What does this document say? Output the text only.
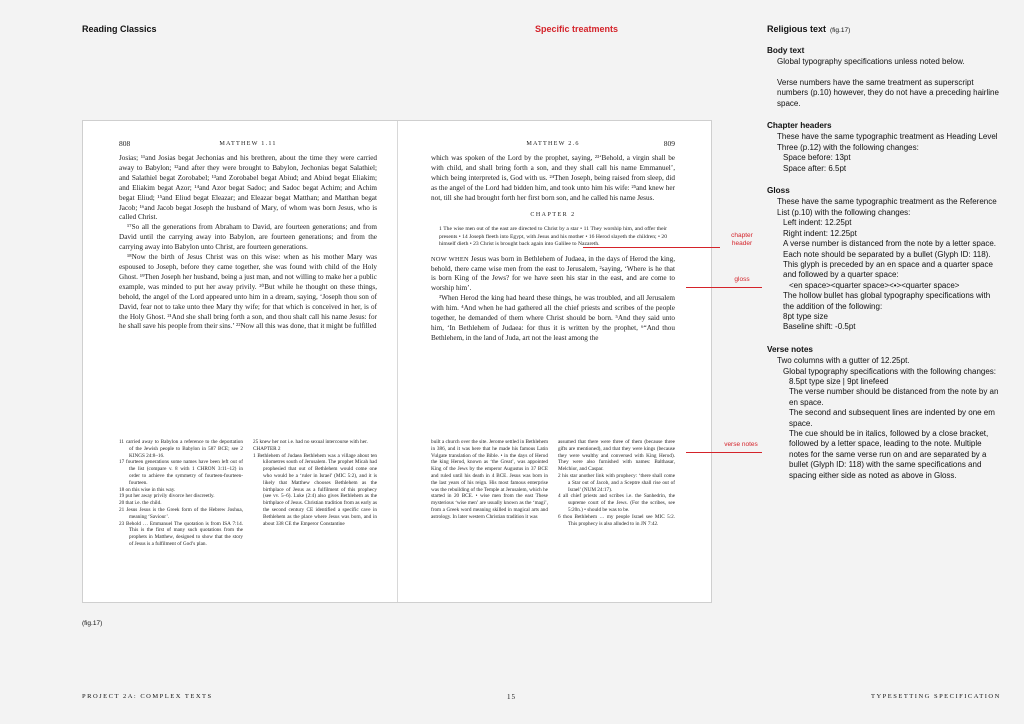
Reading Classics	Specific treatments	Religious text (fig.17)
808	MATTHEW 1.11

Josias; ¹¹and Josias begat Jechonias and his brethren, about the time they were carried away to Babylon; ¹²and after they were brought to Babylon, Jechonias begat Salathiel; and Salathiel begat Zorobabel; ¹³and Zorobabel begat Abiud; and Abiud begat Eliakim; and Eliakim begat Azor; ¹⁴and Azor begat Sadoc; and Sadoc begat Achim; and Achim begat Eliud; ¹⁵and Eliud begat Eleazar; and Eleazar begat Matthan; and Matthan begat Jacob; ¹⁶and Jacob begat Joseph the husband of Mary, of whom was born Jesus, who is called Christ.

¹⁷So all the generations from Abraham to David, are fourteen generations; and from David until the carrying away into Babylon, are fourteen generations; and from the carrying away into Babylon unto Christ, are fourteen generations.

¹⁸Now the birth of Jesus Christ was on this wise: when as his mother Mary was espoused to Joseph, before they came together, she was found with child of the Holy Ghost. ¹⁹Then Joseph her husband, being a just man, and not willing to make her a public example, was minded to put her away privily. ²⁰But while he thought on these things, behold, the angel of the Lord appeared unto him in a dream, saying, ‘Joseph thou son of David, fear not to take unto thee Mary thy wife; for that which is conceived in her, is of the Holy Ghost. ²¹And she shall bring forth a son, and thou shalt call his name Jesus: for he shall save his people from their sins.’ ²²Now all this was done, that it might be fulfilled

11 carried away to Babylon a reference to the deportation of the Jewish people to Babylon in 587 BCE; see 2 KINGS 24:8–16.
17 fourteen generations some names have been left out of the list (compare v. 8 with 1 CHRON 3:11–12) in order to achieve the symmetry of fourteen-fourteen-fourteen.
18 on this wise in this way.
19 put her away privily divorce her discreetly.
20 that i.e. the child.
21 Jesus Jesus is the Greek form of the Hebrew Joshua, meaning ‘Saviour’.
23 Behold … Emmanuel The quotation is from ISA 7:14. This is the first of many such quotations from the prophets in Matthew, designed to show that the story of Jesus is a fulfilment of God’s plan.
25 knew her not i.e. had no sexual intercourse with her.
CHAPTER 2
1 Bethlehem of Judaea Bethlehem was a village about ten kilometres south of Jerusalem. The prophet Micah had prophesied that out of Bethlehem would come one who would be a ‘ruler in Israel’ (MIC 5:2), and it is likely that Matthew chooses Bethlehem as the birthplace of Jesus as a fulfilment of this prophecy (see vv. 5–6). Luke (2:4) also gives Bethlehem as the birthplace of Jesus. Christian tradition from as early as the second century CE identified a specific cave in Bethlehem as the place where Jesus was born, and in about 338 CE the Emperor Constantine
809
MATTHEW 2.6

which was spoken of the Lord by the prophet, saying, ²³‘Behold, a virgin shall be with child, and shall bring forth a son, and they shall call his name Emmanuel’, which being interpreted is, God with us. ²⁴Then Joseph, being raised from sleep, did as the angel of the Lord had bidden him, and took unto him his wife: ²⁵and knew her not, till she had brought forth her first born son, and he called his name Jesus.

CHAPTER 2
1 The wise men out of the east are directed to Christ by a star • 11 They worship him, and offer their presents • 14 Joseph fleeth into Egypt, with Jesus and his mother • 16 Herod slayeth the children; • 20 himself dieth • 23 Christ is brought back again into Galilee to Nazareth.

NOW WHEN Jesus was born in Bethlehem of Judaea, in the days of Herod the king, behold, there came wise men from the east to Jerusalem, ²saying, ‘Where is he that is born King of the Jews? for we have seen his star in the east, and are come to worship him’.

³When Herod the king had heard these things, he was troubled, and all Jerusalem with him. ⁴And when he had gathered all the chief priests and scribes of the people together, he demanded of them where Christ should be born. ⁵And they said unto him, ‘In Bethlehem of Judaea: for thus it is written by the prophet, ⁶“And thou Bethlehem, in the land of Juda, art not the least among the

built a church over the site. Jerome settled in Bethlehem in 386, and it was here that he made his famous Latin Vulgate translation of the Bible. • in the days of Herod the king Herod, known as ‘the Great’, was appointed King of the Jews by the emperor Augustus in 37 BCE and ruled until his death in 4 BCE. Jesus was born in the last years of his reign. His most famous enterprise was the rebuilding of the Temple at Jerusalem, which he started in 20 BCE. • wise men from the east These mysterious ‘wise men’ are usually known as the ‘magi’, from a Greek word meaning skilled in magical arts and astrology. In later western Christian tradition it was
assumed that there were three of them (because three gifts are mentioned), and that they were kings (because they were wealthy and conversed with King Herod). They were also furnished with names: Balthasar, Melchior, and Caspar.
2 his star another link with prophecy: ‘there shall come a Star out of Jacob, and a Sceptre shall rise out of Israel’ (NUM 24:17).
4 all chief priests and scribes i.e. the Sanhedrin, the supreme court of the Jews. (For the scribes, see 5:20n.) • should be was to be.
6 thou Bethlehem … my people Israel see MIC 5:2. This prophecy is also alluded to in JN 7:42.
chapter
header
gloss
verse notes
(fig.17)
Body text
Global typography specifications unless noted below.
Verse numbers have the same treatment as superscript numbers (p.10) however, they do not have a preceding hairline space.
Chapter headers
These have the same typographic treatment as Heading Level Three (p.12) with the following changes:
Space before: 13pt
Space after: 6.5pt
Gloss
These have the same typographic treatment as the Reference List (p.10) with the following changes:
Left indent: 12.25pt
Right indent: 12.25pt
A verse number is distanced from the note by a letter space. Each note should be separated by a bullet (Glyph ID: 118). This glyph is preceded by an en space and a quarter space and followed by a quarter space:
<en space><quarter space><•><quarter space>
The hollow bullet has global typography specifications with the addition of the following:
8pt type size
Baseline shift: -0.5pt
Verse notes
Two columns with a gutter of 12.25pt.
Global typography specifications with the following changes:
8.5pt type size | 9pt linefeed
The verse number should be distanced from the note by an en space.
The second and subsequent lines are indented by one em space.
The cue should be in italics, followed by a close bracket, followed by a letter space, leading to the note. Multiple notes for the same verse run on and are separated by a bullet (Glyph ID: 118) with the same specifications and spacing either side as noted as above in Gloss.
PROJECT 2A: COMPLEX TEXTS	15	TYPESETTING SPECIFICATION
